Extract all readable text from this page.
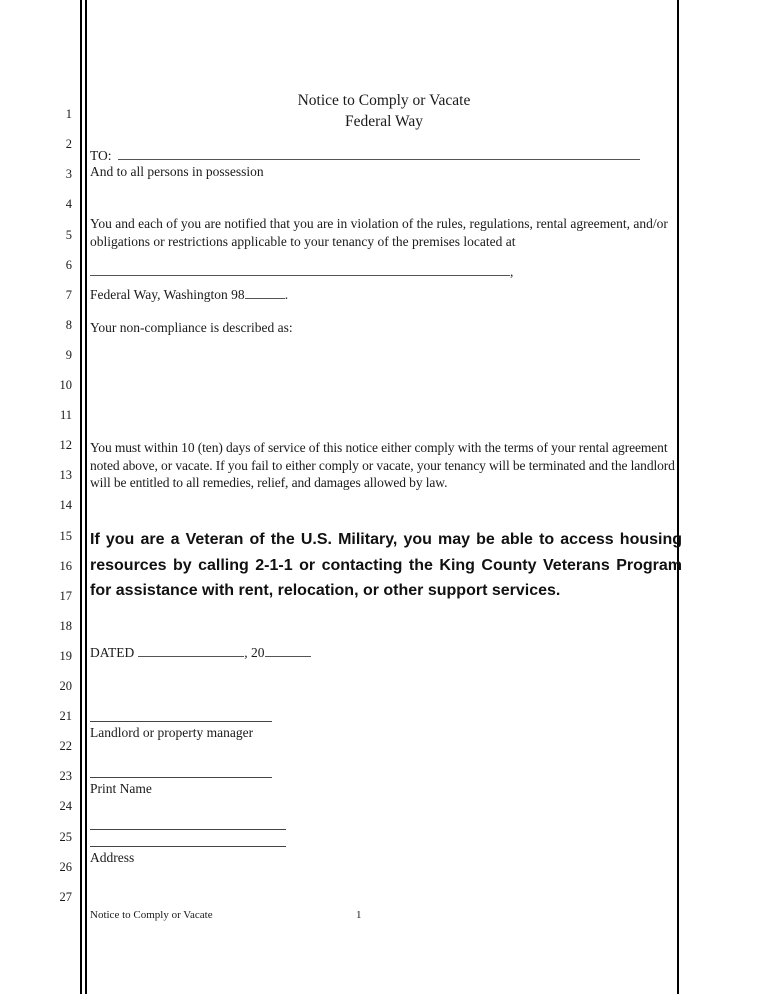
1
2
3
4
5
6
7
8
9
10
11
12
13
14
15
16
17
18
19
20
21
22
23
24
25
26
27
Notice to Comply or Vacate
Federal Way
TO:
And to all persons in possession
You and each of you are notified that you are in violation of the rules, regulations, rental agreement, and/or obligations or restrictions applicable to your tenancy of the premises located at
,
Federal Way, Washington 98	.
Your non-compliance is described as:
You must within 10 (ten) days of service of this notice either comply with the terms of your rental agreement noted above, or vacate. If you fail to either comply or vacate, your tenancy will be terminated and the landlord will be entitled to all remedies, relief, and damages allowed by law.
If you are a Veteran of the U.S. Military, you may be able to access housing resources by calling 2-1-1 or contacting the King County Veterans Program for assistance with rent, relocation, or other support services.
DATED	, 20
Landlord or property manager
Print Name
Address
Notice to Comply or Vacate	1
